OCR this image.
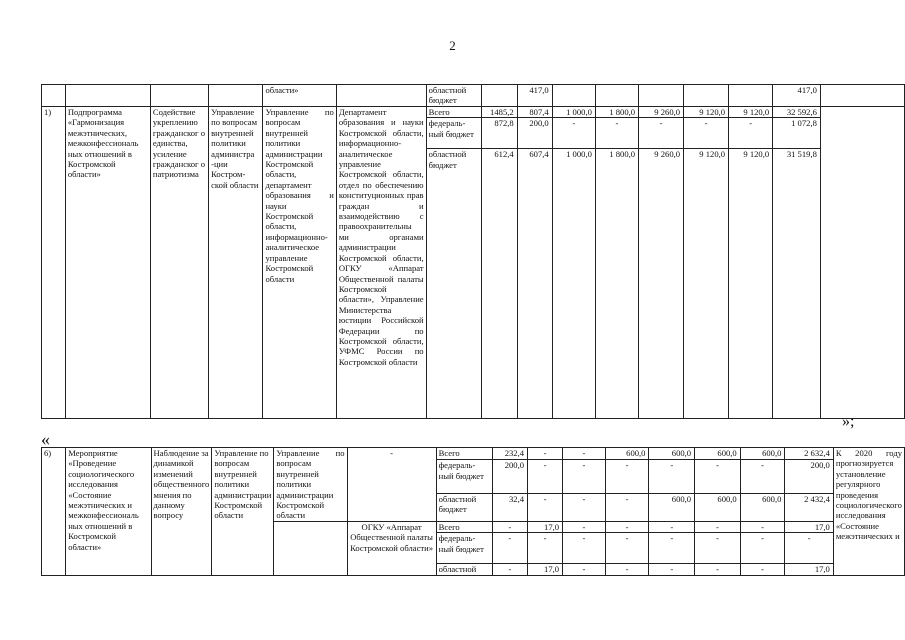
2
				области»		областной бюджет		417,0						417,0	
1)	Подпрограмма «Гармонизация межэтнических, межконфессиональ ных отношений в Костромской области»	Содействие укреплению гражданског о единства, усиление гражданског о патриотизма	Управление по вопросам внутренней политики администра -ции Костром-ской области	Управление по вопросам внутренней политики администрации Костромской области, департамент образования и науки Костромской области, информационно-аналитическое управление Костромской области	Департамент образования и науки Костромской области, информационно-аналитическое управление Костромской области, отдел по обеспечению конституционных прав граждан и взаимодействию с правоохранительны ми органами администрации Костромской области, ОГКУ «Аппарат Общественной палаты Костромской области», Управление Министерства юстиции Российской Федерации по Костромской области, УФМС России по Костромской области	Всего	1485,2	807,4	1 000,0	1 800,0	9 260,0	9 120,0	9 120,0	32 592,6	
						федераль-ный бюджет	872,8	200,0	-	-	-	-	-	1 072,8	
						областной бюджет	612,4	607,4	1 000,0	1 800,0	9 260,0	9 120,0	9 120,0	31 519,8	
»;
«
6)	Мероприятие «Проведение социологического исследования «Состояние межэтнических и межконфессиональ ных отношений в Костромской области»	Наблюдение за динамикой изменений общественного мнения по данному вопросу	Управление по вопросам внутренней политики администрации Костромской области	Управление по вопросам внутренней политики администрации Костромской области	-	Всего	232,4	-	-	600,0	600,0	600,0	600,0	2 632,4	К 2020 году прогнозируется установление регулярного проведения социологического исследования «Состояние межэтнических и
						федераль-ный бюджет	200,0	-	-	-	-	-	-	200,0	
						областной бюджет	32,4	-	-	-	600,0	600,0	600,0	2 432,4	
					ОГКУ «Аппарат Общественной палаты Костромской области»	Всего	-	17,0	-	-	-	-	-	17,0	
						федераль-ный бюджет	-	-	-	-	-	-	-	-	
						областной	-	17,0	-	-	-	-	-	17,0	
